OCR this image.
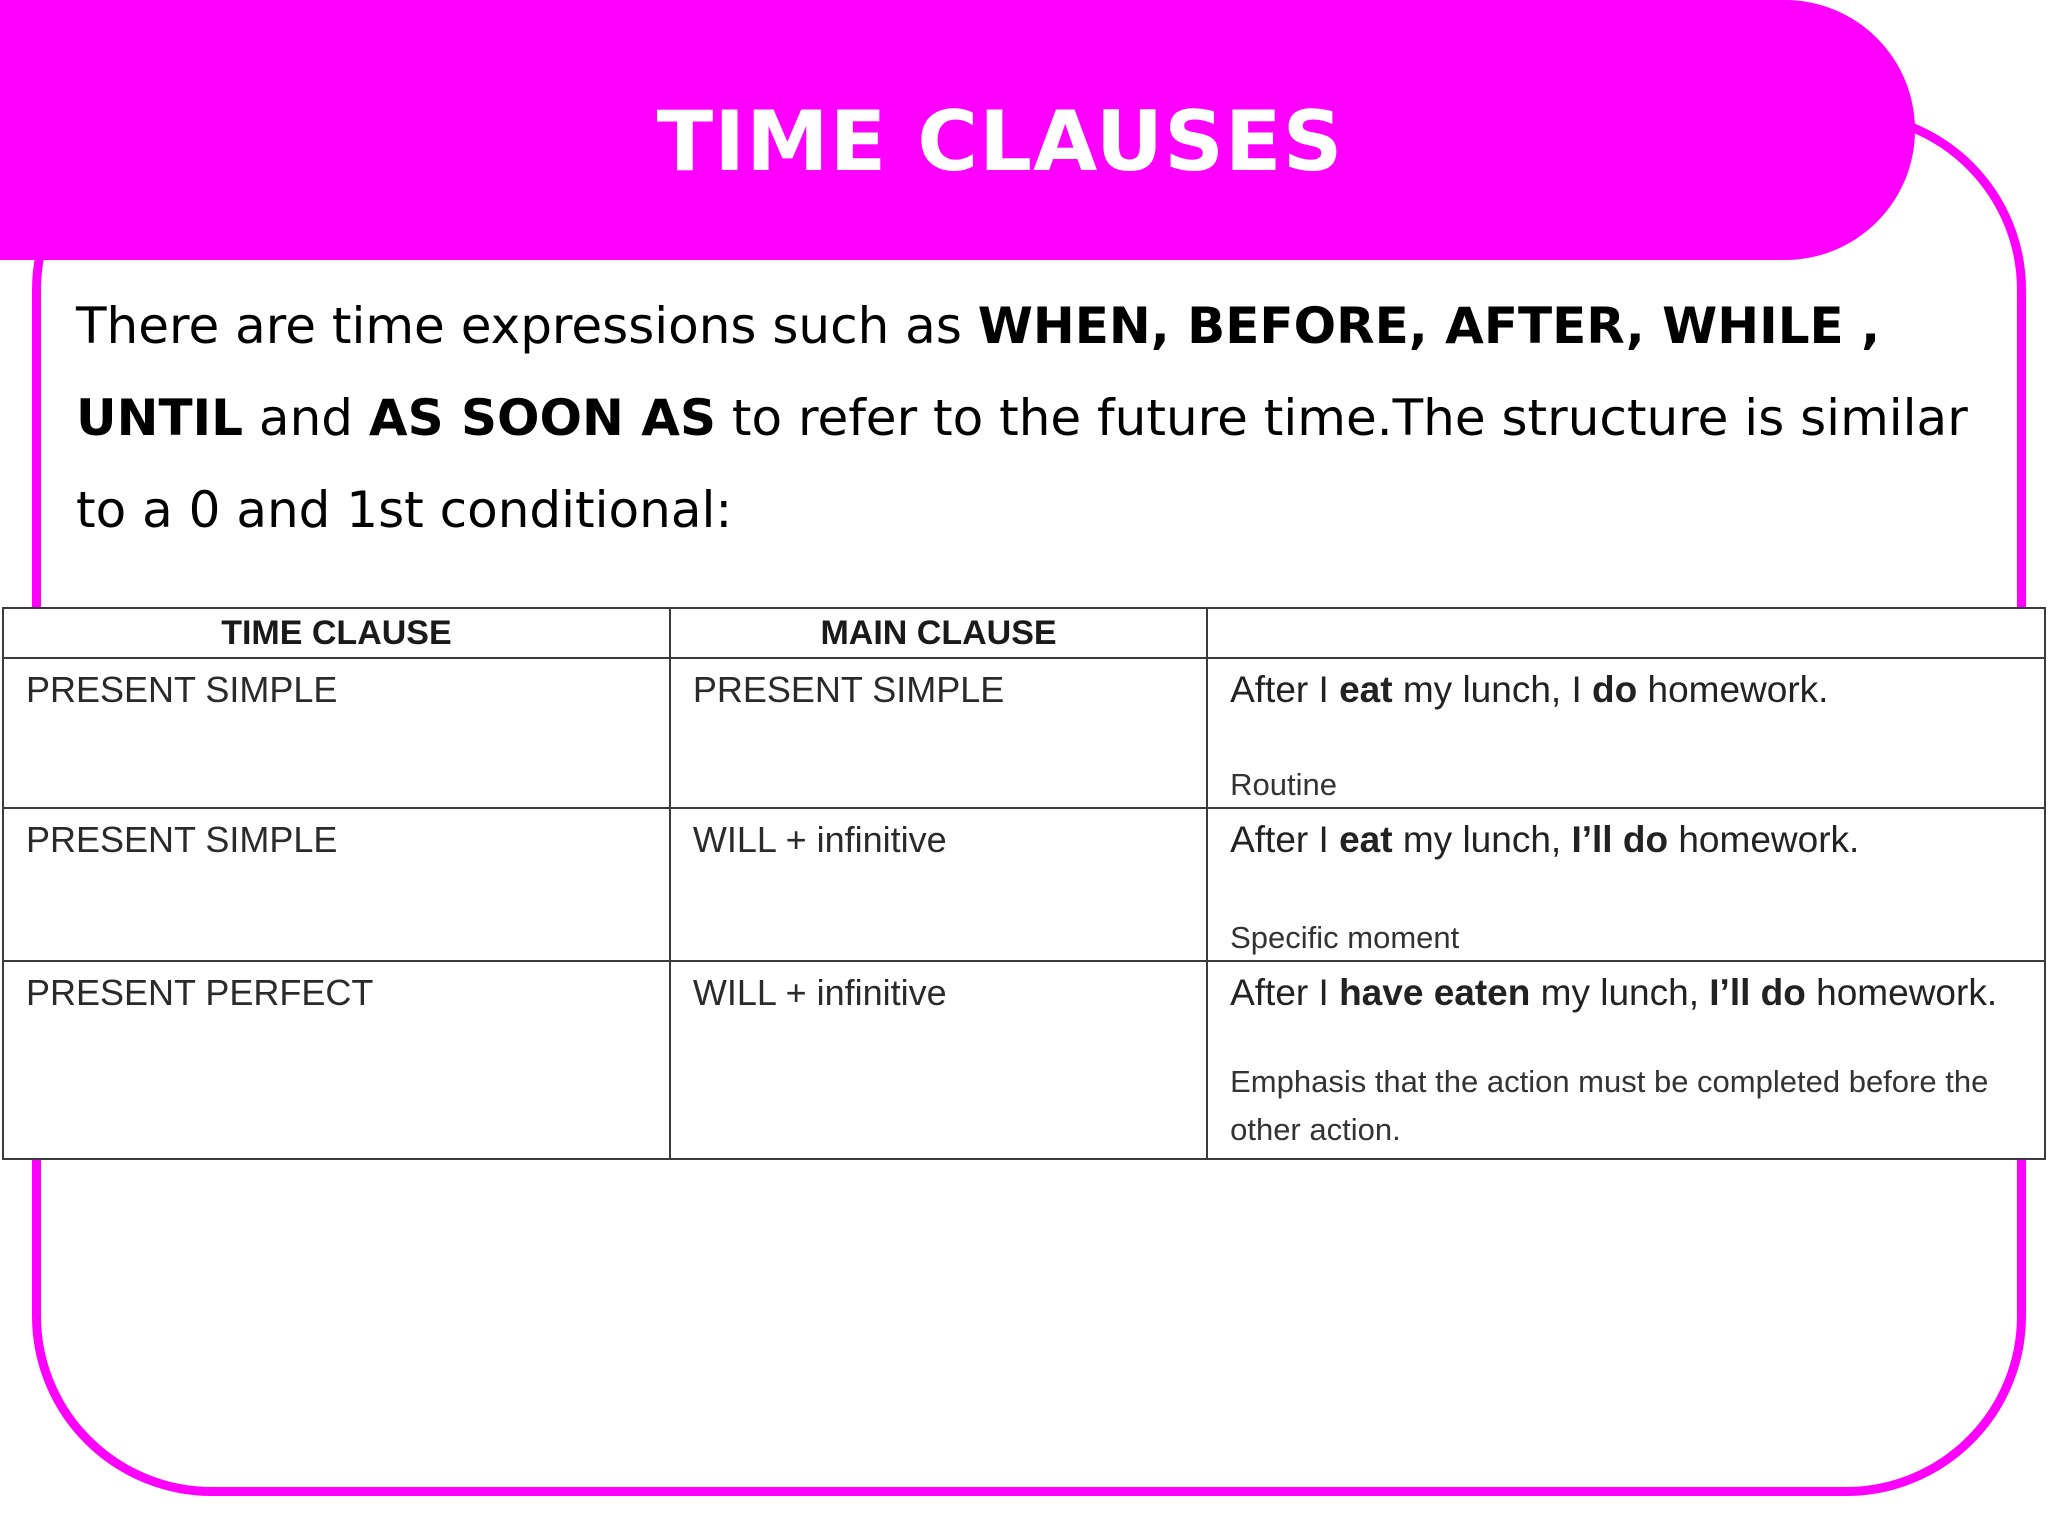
TIME CLAUSES
There are time expressions such as WHEN, BEFORE, AFTER, WHILE ,
UNTIL and AS SOON AS to refer to the future time.The structure is similar to a 0 and 1st conditional:
TIME CLAUSE	MAIN CLAUSE	

PRESENT SIMPLE	PRESENT SIMPLE	After I eat my lunch, I do homework.
Routine

PRESENT SIMPLE	WILL + infinitive	After I eat my lunch, I’ll do homework.
Specific moment

PRESENT PERFECT	WILL + infinitive	After I have eaten my lunch, I’ll do homework.
Emphasis that the action must be completed before the other action.
